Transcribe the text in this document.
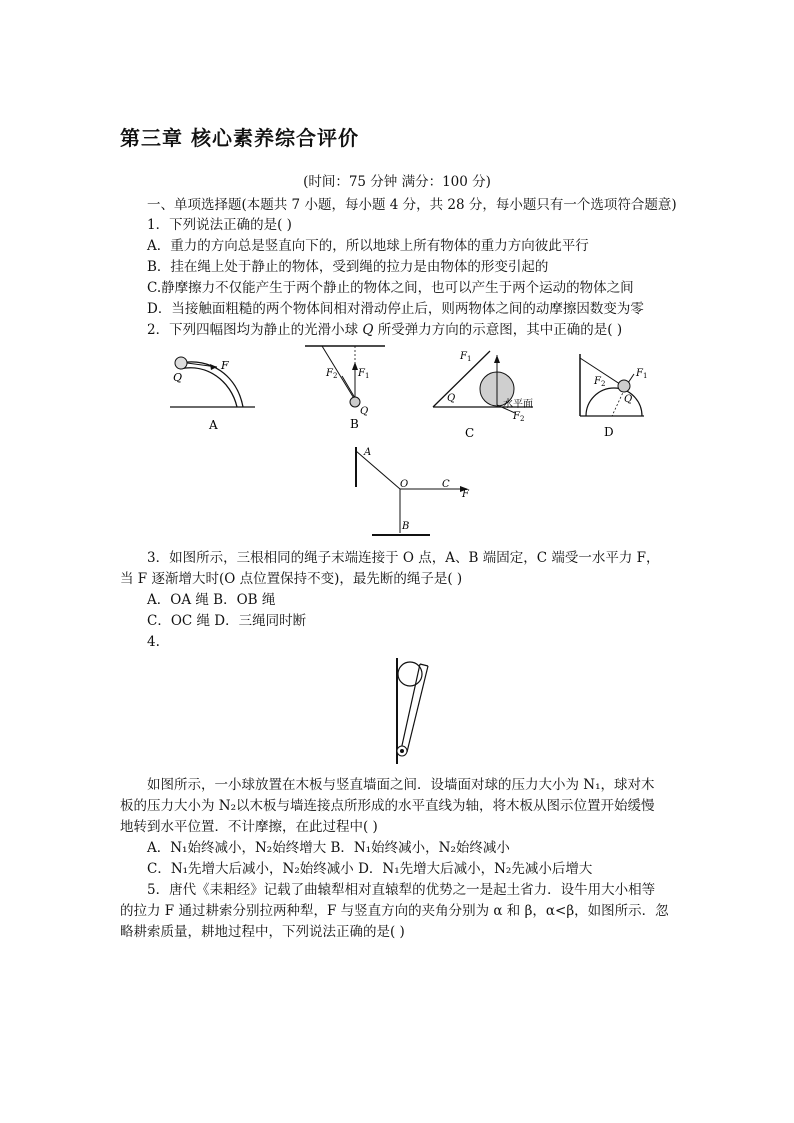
第三章 核心素养综合评价
(时间：75 分钟 满分：100 分)
一、单项选择题(本题共 7 小题，每小题 4 分，共 28 分，每小题只有一个选项符合题意)
1．下列说法正确的是( )
A．重力的方向总是竖直向下的，所以地球上所有物体的重力方向彼此平行
B．挂在绳上处于静止的物体，受到绳的拉力是由物体的形变引起的
C.静摩擦力不仅能产生于两个静止的物体之间，也可以产生于两个运动的物体之间
D．当接触面粗糙的两个物体间相对滑动停止后，则两物体之间的动摩擦因数变为零
2．下列四幅图均为静止的光滑小球 Q 所受弹力方向的示意图，其中正确的是( )
F
Q
A
$F_1$
$F_2$
Q
B
$F_1$
$F_2$
Q
水平面
C
$F_1$
$F_2$
Q
D
A
O	C
F
B
3．如图所示，三根相同的绳子末端连接于 O 点，A、B 端固定，C 端受一水平力 F，
当 F 逐渐增大时(O 点位置保持不变)，最先断的绳子是( )
A．OA 绳 B．OB 绳
C．OC 绳 D．三绳同时断
4.
如图所示，一小球放置在木板与竖直墙面之间．设墙面对球的压力大小为 N₁，球对木
板的压力大小为 N₂以木板与墙连接点所形成的水平直线为轴，将木板从图示位置开始缓慢
地转到水平位置．不计摩擦，在此过程中( )
A．N₁始终减小，N₂始终增大 B．N₁始终减小，N₂始终减小
C．N₁先增大后减小，N₂始终减小 D．N₁先增大后减小，N₂先减小后增大
5．唐代《耒耜经》记载了曲辕犁相对直辕犁的优势之一是起土省力．设牛用大小相等
的拉力 F 通过耕索分别拉两种犁，F 与竖直方向的夹角分别为 α 和 β，α<β，如图所示．忽
略耕索质量，耕地过程中，下列说法正确的是( )
